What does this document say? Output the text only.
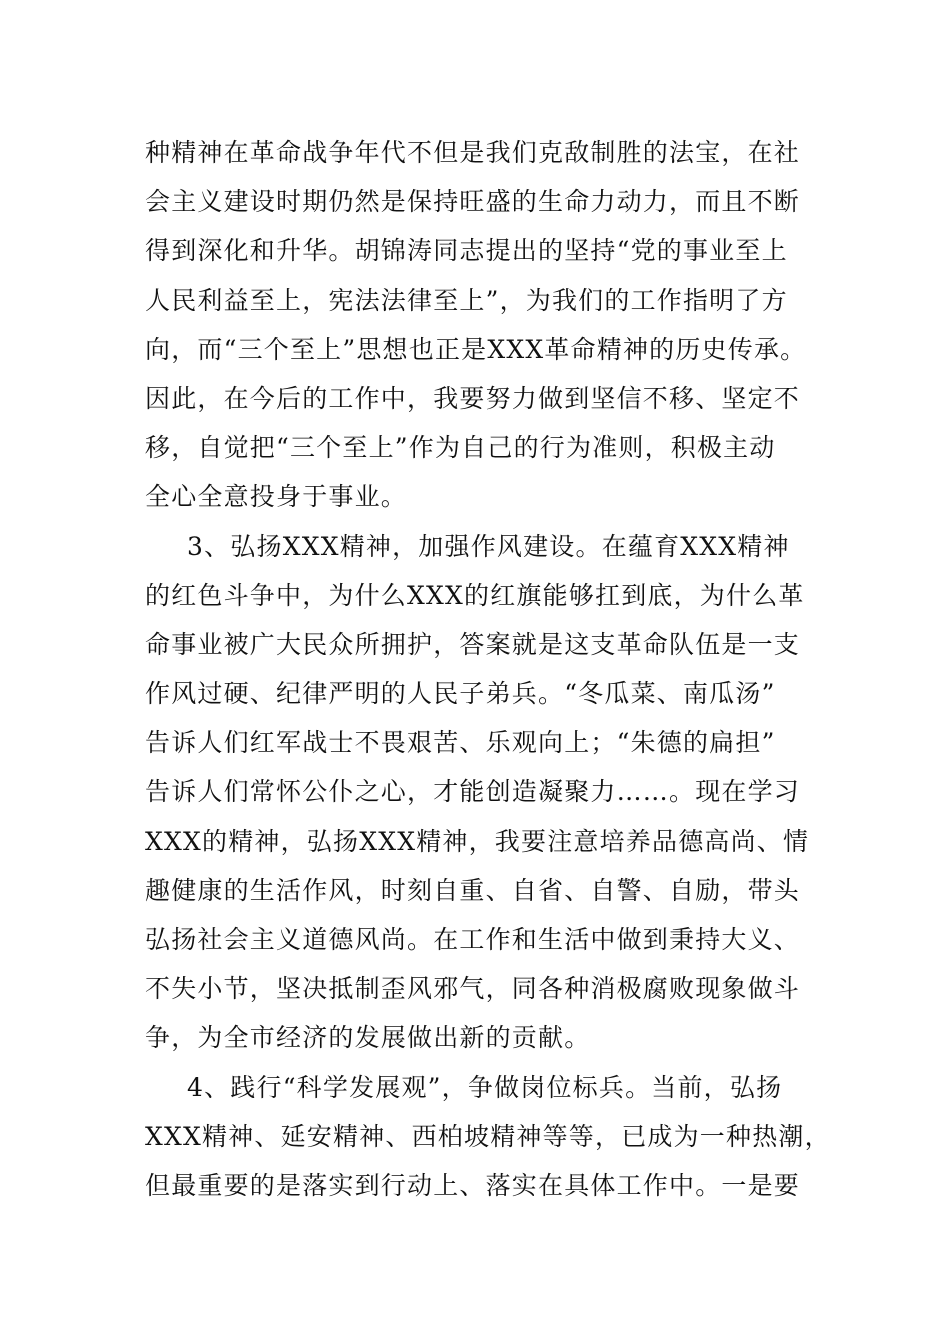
种精神在革命战争年代不但是我们克敌制胜的法宝，在社
会主义建设时期仍然是保持旺盛的生命力动力，而且不断
得到深化和升华。胡锦涛同志提出的坚持“党的事业至上
人民利益至上，宪法法律至上”，为我们的工作指明了方
向，而“三个至上”思想也正是XXX革命精神的历史传承。
因此，在今后的工作中，我要努力做到坚信不移、坚定不
移，自觉把“三个至上”作为自己的行为准则，积极主动
全心全意投身于事业。
3、弘扬XXX精神，加强作风建设。在蕴育XXX精神
的红色斗争中，为什么XXX的红旗能够扛到底，为什么革
命事业被广大民众所拥护，答案就是这支革命队伍是一支
作风过硬、纪律严明的人民子弟兵。“冬瓜菜、南瓜汤”
告诉人们红军战士不畏艰苦、乐观向上；“朱德的扁担”
告诉人们常怀公仆之心，才能创造凝聚力……。现在学习
XXX的精神，弘扬XXX精神，我要注意培养品德高尚、情
趣健康的生活作风，时刻自重、自省、自警、自励，带头
弘扬社会主义道德风尚。在工作和生活中做到秉持大义、
不失小节，坚决抵制歪风邪气，同各种消极腐败现象做斗
争，为全市经济的发展做出新的贡献。
4、践行“科学发展观”，争做岗位标兵。当前，弘扬
XXX精神、延安精神、西柏坡精神等等，已成为一种热潮，
但最重要的是落实到行动上、落实在具体工作中。一是要
